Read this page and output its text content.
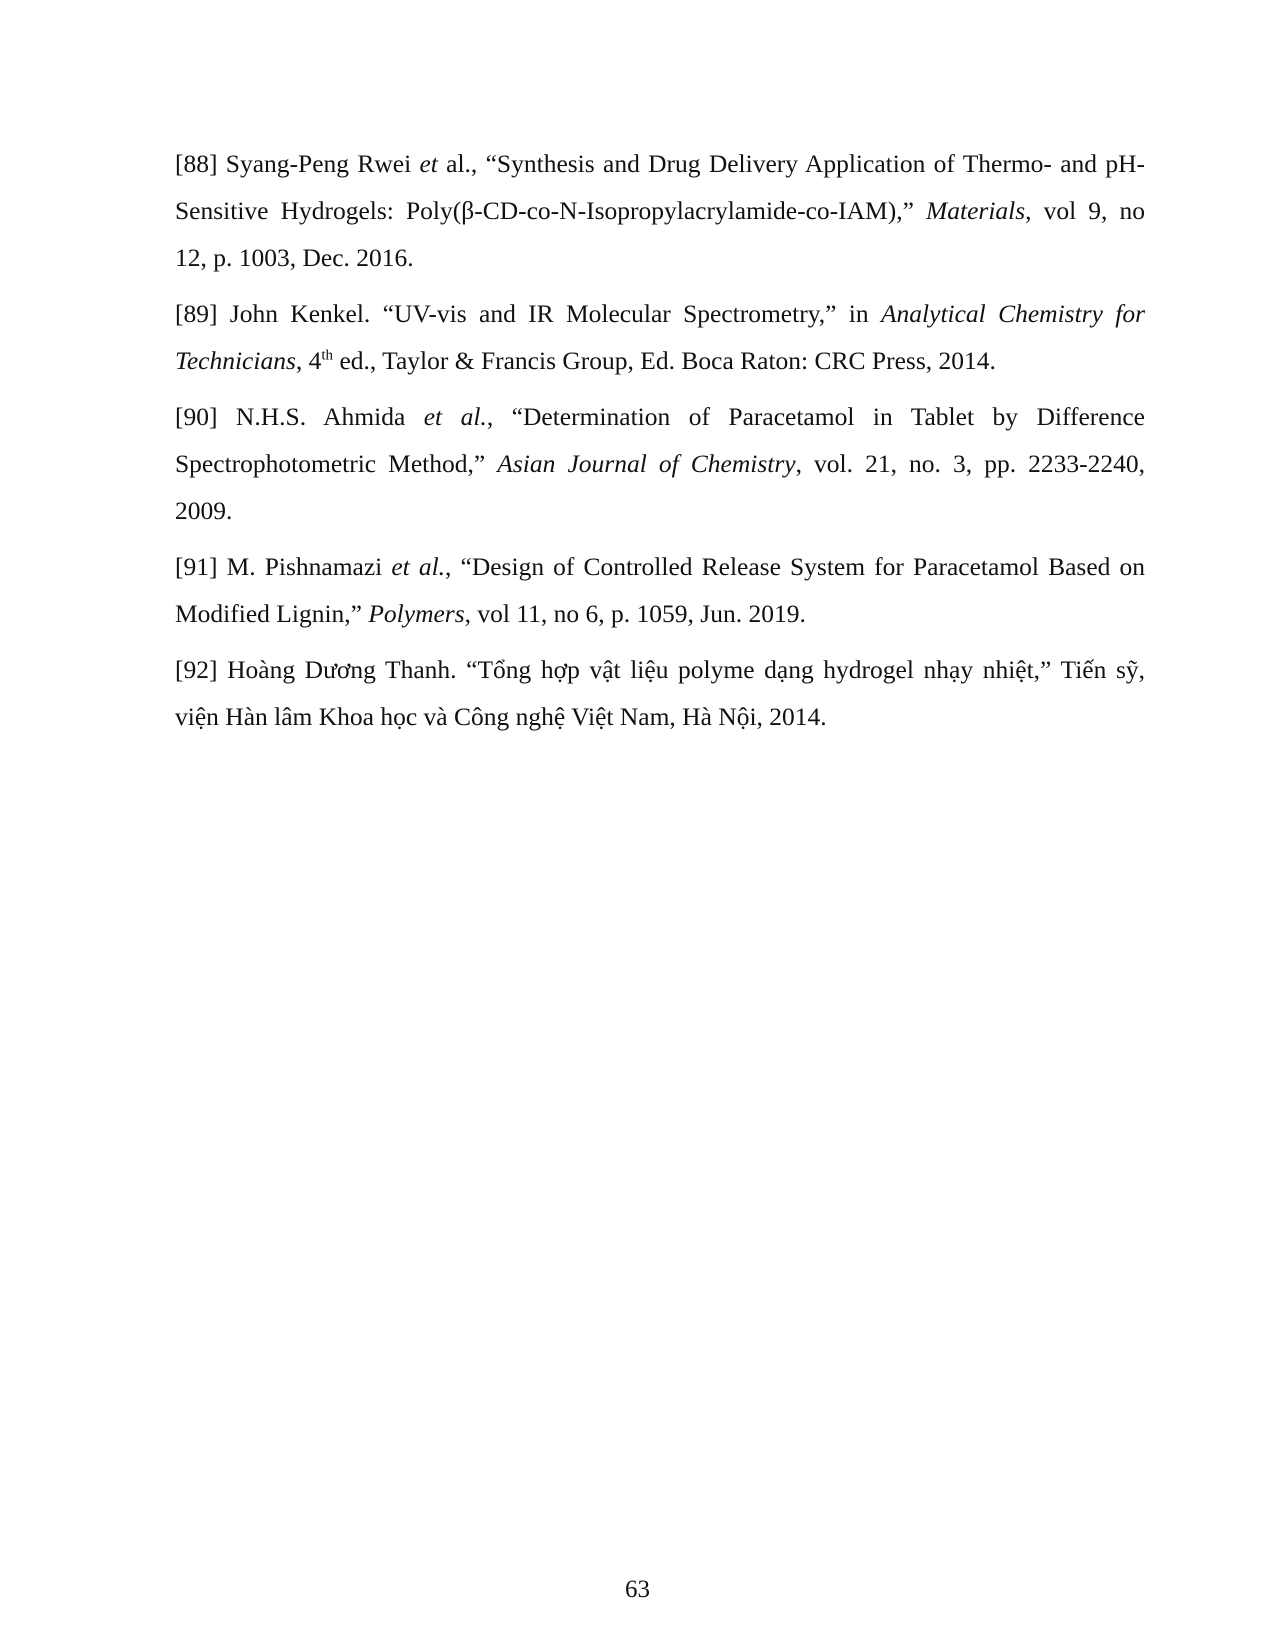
[88] Syang-Peng Rwei et al., “Synthesis and Drug Delivery Application of Thermo- and pH-Sensitive Hydrogels: Poly(β-CD-co-N-Isopropylacrylamide-co-IAM),” Materials, vol 9, no 12, p. 1003, Dec. 2016.

[89] John Kenkel. “UV-vis and IR Molecular Spectrometry,” in Analytical Chemistry for Technicians, 4th ed., Taylor & Francis Group, Ed. Boca Raton: CRC Press, 2014.

[90] N.H.S. Ahmida et al., “Determination of Paracetamol in Tablet by Difference Spectrophotometric Method,” Asian Journal of Chemistry, vol. 21, no. 3, pp. 2233-2240, 2009.

[91] M. Pishnamazi et al., “Design of Controlled Release System for Paracetamol Based on Modified Lignin,” Polymers, vol 11, no 6, p. 1059, Jun. 2019.

[92] Hoàng Dương Thanh. “Tổng hợp vật liệu polyme dạng hydrogel nhạy nhiệt,” Tiến sỹ, viện Hàn lâm Khoa học và Công nghệ Việt Nam, Hà Nội, 2014.

63
